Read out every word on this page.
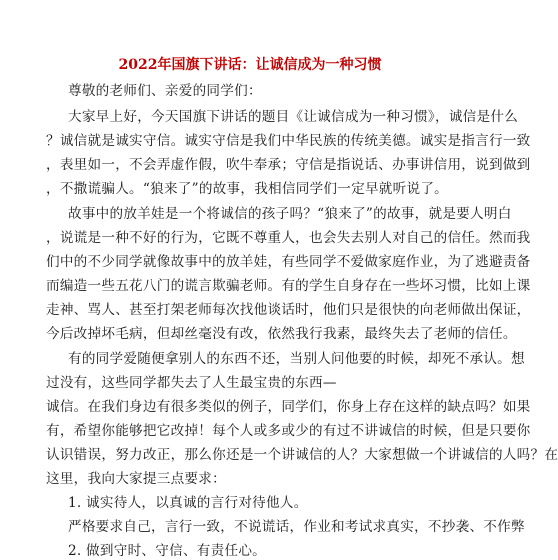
2022年国旗下讲话：让诚信成为一种习惯
尊敬的老师们、亲爱的同学们：
大家早上好，今天国旗下讲话的题目《让诚信成为一种习惯》，诚信是什么
？诚信就是诚实守信。诚实守信是我们中华民族的传统美德。诚实是指言行一致
，表里如一，不会弄虚作假，吹牛奉承；守信是指说话、办事讲信用，说到做到
，不撒谎骗人。“狼来了”的故事，我相信同学们一定早就听说了。
故事中的放羊娃是一个将诚信的孩子吗？“狼来了”的故事，就是要人明白
，说谎是一种不好的行为，它既不尊重人，也会失去别人对自己的信任。然而我
们中的不少同学就像故事中的放羊娃，有些同学不爱做家庭作业，为了逃避责备
而编造一些五花八门的谎言欺骗老师。有的学生自身存在一些坏习惯，比如上课
走神、骂人、甚至打架老师每次找他谈话时，他们只是很快的向老师做出保证，
今后改掉坏毛病，但却丝毫没有改，依然我行我素，最终失去了老师的信任。
有的同学爱随便拿别人的东西不还，当别人问他要的时候，却死不承认。想
过没有，这些同学都失去了人生最宝贵的东西—
诚信。在我们身边有很多类似的例子，同学们，你身上存在这样的缺点吗？如果
有，希望你能够把它改掉！每个人或多或少的有过不讲诚信的时候，但是只要你
认识错误，努力改正，那么你还是一个讲诚信的人？大家想做一个讲诚信的人吗？在
这里，我向大家提三点要求：
1. 诚实待人，以真诚的言行对待他人。
严格要求自己，言行一致，不说谎话，作业和考试求真实，不抄袭、不作弊
2. 做到守时、守信、有责任心。
